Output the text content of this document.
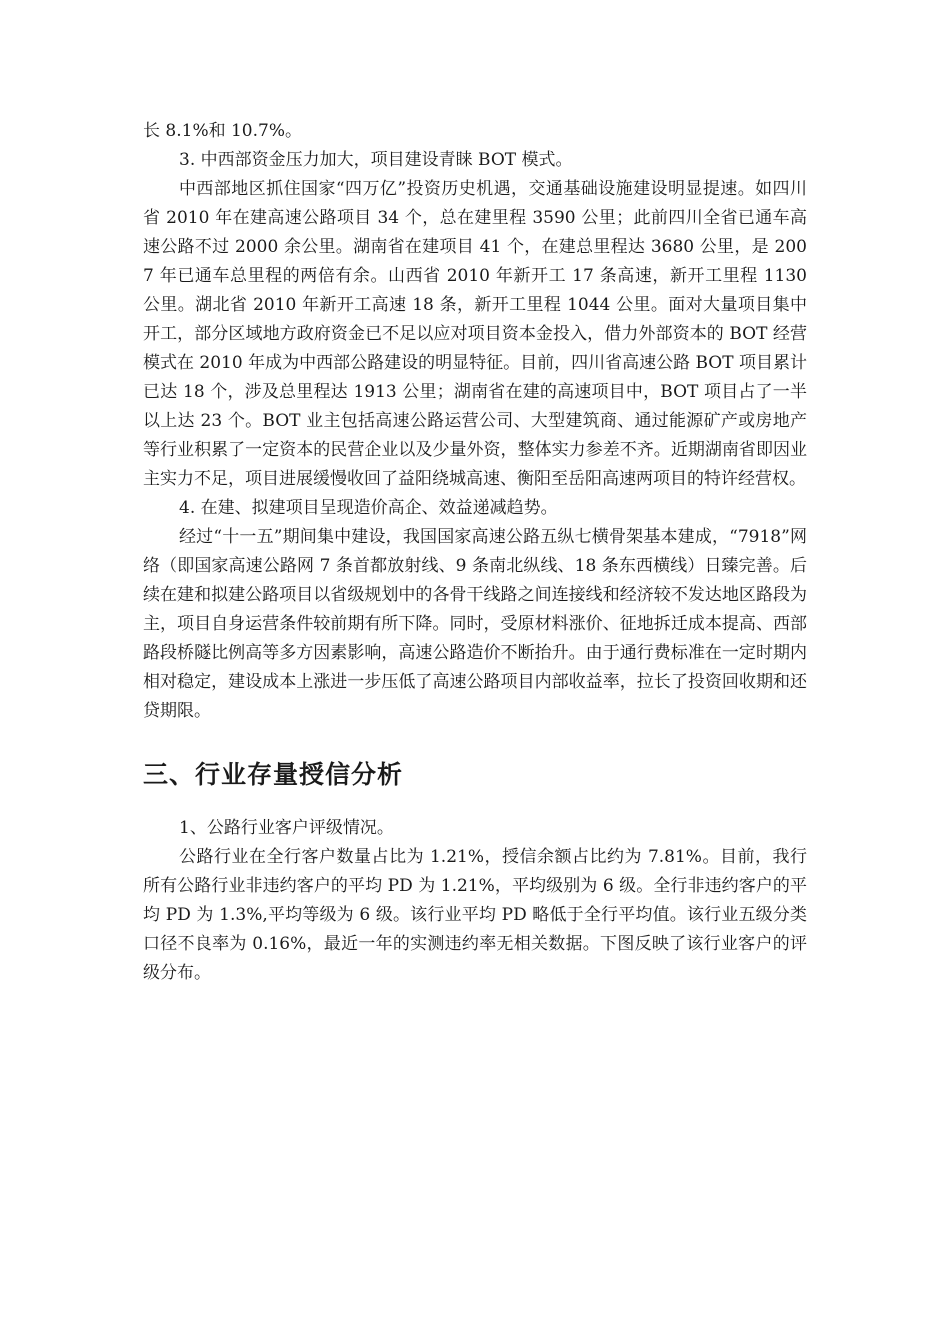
长 8.1%和 10.7%。

3. 中西部资金压力加大，项目建设青睐 BOT 模式。

中西部地区抓住国家“四万亿”投资历史机遇，交通基础设施建设明显提速。如四川省 2010 年在建高速公路项目 34 个，总在建里程 3590 公里；此前四川全省已通车高速公路不过 2000 余公里。湖南省在建项目 41 个，在建总里程达 3680 公里，是 2007 年已通车总里程的两倍有余。山西省 2010 年新开工 17 条高速，新开工里程 1130 公里。湖北省 2010 年新开工高速 18 条，新开工里程 1044 公里。面对大量项目集中开工，部分区域地方政府资金已不足以应对项目资本金投入，借力外部资本的 BOT 经营模式在 2010 年成为中西部公路建设的明显特征。目前，四川省高速公路 BOT 项目累计已达 18 个，涉及总里程达 1913 公里；湖南省在建的高速项目中，BOT 项目占了一半以上达 23 个。BOT 业主包括高速公路运营公司、大型建筑商、通过能源矿产或房地产等行业积累了一定资本的民营企业以及少量外资，整体实力参差不齐。近期湖南省即因业主实力不足，项目进展缓慢收回了益阳绕城高速、衡阳至岳阳高速两项目的特许经营权。

4. 在建、拟建项目呈现造价高企、效益递减趋势。

经过“十一五”期间集中建设，我国国家高速公路五纵七横骨架基本建成，“7918”网络（即国家高速公路网 7 条首都放射线、9 条南北纵线、18 条东西横线）日臻完善。后续在建和拟建公路项目以省级规划中的各骨干线路之间连接线和经济较不发达地区路段为主，项目自身运营条件较前期有所下降。同时，受原材料涨价、征地拆迁成本提高、西部路段桥隧比例高等多方因素影响，高速公路造价不断抬升。由于通行费标准在一定时期内相对稳定，建设成本上涨进一步压低了高速公路项目内部收益率，拉长了投资回收期和还贷期限。

三、行业存量授信分析

1、公路行业客户评级情况。

公路行业在全行客户数量占比为 1.21%，授信余额占比约为 7.81%。目前，我行所有公路行业非违约客户的平均 PD 为 1.21%，平均级别为 6 级。全行非违约客户的平均 PD 为 1.3%,平均等级为 6 级。该行业平均 PD 略低于全行平均值。该行业五级分类口径不良率为 0.16%，最近一年的实测违约率无相关数据。下图反映了该行业客户的评级分布。
